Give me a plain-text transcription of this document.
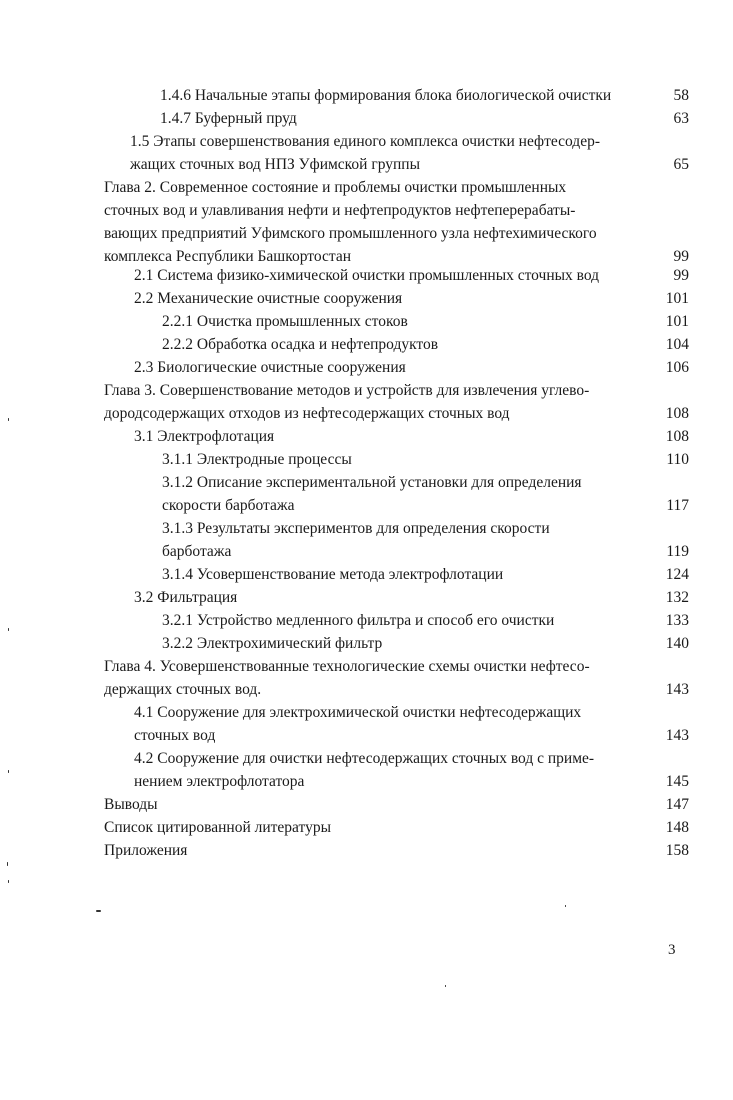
1.4.6 Начальные этапы формирования блока биологической очистки	58
1.4.7 Буферный пруд	63
1.5 Этапы совершенствования единого комплекса очистки нефтесодер-
жащих сточных вод НПЗ Уфимской группы	65
Глава 2. Современное состояние и проблемы очистки промышленных
сточных вод и улавливания нефти и нефтепродуктов нефтеперерабаты-
вающих предприятий Уфимского промышленного узла нефтехимического
комплекса Республики Башкортостан	99
2.1 Система физико-химической очистки промышленных сточных вод	99
2.2 Механические очистные сооружения	101
2.2.1 Очистка промышленных стоков	101
2.2.2 Обработка осадка и нефтепродуктов	104
2.3 Биологические очистные сооружения	106
Глава 3. Совершенствование методов и устройств для извлечения углево-
дородсодержащих отходов из нефтесодержащих сточных вод	108
3.1 Электрофлотация	108
3.1.1 Электродные процессы	110
3.1.2 Описание экспериментальной установки для определения
скорости барботажа	117
3.1.3 Результаты экспериментов для определения скорости
барботажа	119
3.1.4 Усовершенствование метода электрофлотации	124
3.2 Фильтрация	132
3.2.1 Устройство медленного фильтра и способ его очистки	133
3.2.2 Электрохимический фильтр	140
Глава 4. Усовершенствованные технологические схемы очистки нефтесо-
держащих сточных вод.	143
4.1 Сооружение для электрохимической очистки нефтесодержащих
сточных вод	143
4.2 Сооружение для очистки нефтесодержащих сточных вод с приме-
нением электрофлотатора	145
Выводы	147
Список цитированной литературы	148
Приложения	158
3
